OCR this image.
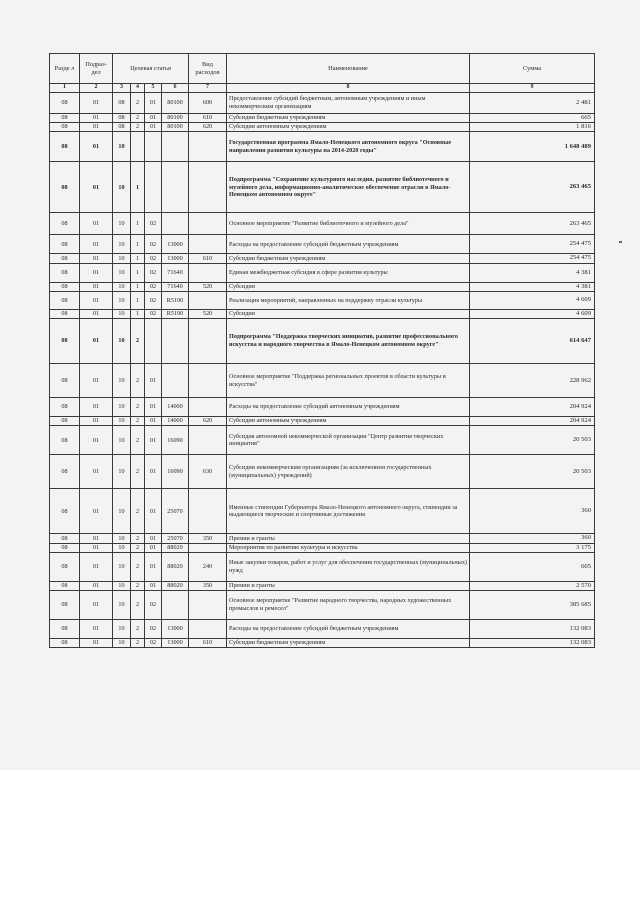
Разде л	Подраз- дел	Целевая статья				Вид расходов	Наименование	Сумма
1	2	3	4	5	6	7	8	9
08	01	08	2	01	80100	600	Предоставление субсидий бюджетным, автономным учреждениям и иным некоммерческим организациям	2 481
08	01	08	2	01	80100	610	Субсидии бюджетным учреждениям	665
08	01	08	2	01	80100	620	Субсидии автономным учреждениям	1 816
08	01	10					Государственная программа Ямало-Ненецкого автономного округа "Основные направления развития культуры на 2014-2020 годы"	1 648 489
08	01	10	1				Подпрограмма "Сохранение культурного наследия, развитие библиотечного и музейного дела, информационно-аналитическое обеспечение отрасли в Ямало-Ненецком автономном округе"	263 465
08	01	10	1	02			Основное мероприятие "Развитие библиотечного и музейного дела"	263 465
08	01	10	1	02	13000		Расходы на предоставление субсидий бюджетным учреждениям	254 475
08	01	10	1	02	13000	610	Субсидии бюджетным учреждениям	254 475
08	01	10	1	02	71640		Единая межбюджетная субсидия в сфере развития культуры	4 381
08	01	10	1	02	71640	520	Субсидии	4 381
08	01	10	1	02	R5190		Реализация мероприятий, направленных на поддержку отрасли культуры	4 609
08	01	10	1	02	R5190	520	Субсидии	4 609
08	01	10	2				Подпрограмма "Поддержка творческих инициатив, развитие профессионального искусства и народного творчества в Ямало-Ненецком автономном округе"	614 647
08	01	10	2	01			Основное мероприятие "Поддержка региональных проектов в области культуры и искусства"	228 962
08	01	10	2	01	14000		Расходы на предоставление субсидий автономным учреждениям	204 924
08	01	10	2	01	14000	620	Субсидии автономным учреждениям	204 924
08	01	10	2	01	16090		Субсидия автономной некоммерческой организации "Центр развития творческих инициатив"	20 503
08	01	10	2	01	16090	630	Субсидии некоммерческим организациям (за исключением государственных (муниципальных) учреждений)	20 503
08	01	10	2	01	25070		Именные стипендии Губернатора Ямало-Ненецкого автономного округа, стипендии за выдающиеся творческие и спортивные достижения	360
08	01	10	2	01	25070	350	Премии и гранты	360
08	01	10	2	01	88020		Мероприятия по развитию культуры и искусства	3 175
08	01	10	2	01	88020	240	Иные закупки товаров, работ и услуг для обеспечения государственных (муниципальных) нужд	605
08	01	10	2	01	88020	350	Премии и гранты	2 570
08	01	10	2	02			Основное мероприятие "Развитие народного творчества, народных художественных промыслов и ремесел"	385 685
08	01	10	2	02	13000		Расходы на предоставление субсидий бюджетным учреждениям	132 083
08	01	10	2	02	13000	610	Субсидии бюджетным учреждениям	132 083
